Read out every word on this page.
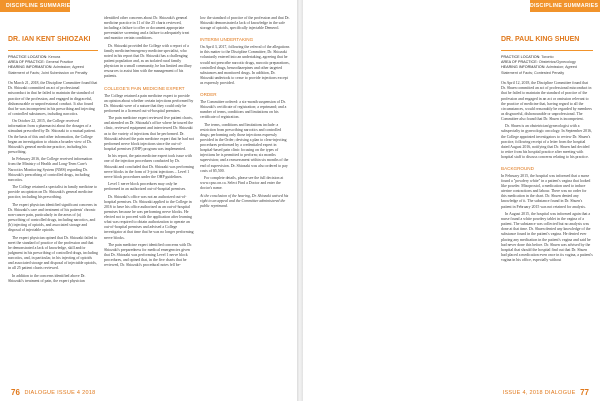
DISCIPLINE SUMMARIES
DR. IAN KENT SHIOZAKI
PRACTICE LOCATION: Kenora
AREA OF PRACTICE: General Practice
HEARING INFORMATION: Admission; Agreed Statement of Facts; Joint Submission on Penalty

On March 21, 2018, the Discipline Committee found that Dr. Shiozaki committed an act of professional misconduct in that he failed to maintain the standard of practice of the profession, and engaged in disgraceful, dishonourable or unprofessional conduct. It also found that he was incompetent in his prescribing and injecting of controlled substances, including narcotics.

On October 22, 2015, the College received information from a pharmacist about the dosages of a stimulant prescribed by Dr. Shiozaki to a mutual patient. On the basis of this and other information, the College began an investigation to obtain a broader view of Dr. Shiozaki's general medicine practice, including his prescribing.

In February 2016, the College received information from the Ministry of Health and Long-Term Care's Narcotics Monitoring System (NMS) regarding Dr. Shiozaki's prescribing of controlled drugs, including narcotics.

The College retained a specialist in family medicine to provide an opinion on Dr. Shiozaki's general medicine practice, including his prescribing.

The expert physician identified significant concerns in Dr. Shiozaki's care and treatment of his patients' chronic non-cancer pain, particularly in the areas of (a) prescribing of controlled drugs, including narcotics, and (b) injecting of opioids, and associated storage and disposal of injectable opioids.

The expert physician opined that Dr. Shiozaki failed to meet the standard of practice of the profession and that he demonstrated a lack of knowledge, skill and/or judgment in his prescribing of controlled drugs, including narcotics, and, in particular, in his injecting of opioids and associated storage and disposal of injectable opioids, in all 25 patient charts reviewed.

In addition to the concerns identified above Dr. Shiozaki's treatment of pain, the expert physician

identified other concerns about Dr. Shiozaki's general medicine practice in 11 of the 25 charts reviewed, including a failure to offer or document appropriate preventative screening and a failure to adequately treat and monitor certain conditions.

Dr. Shiozaki provided the College with a report of a family medicine/emergency medicine specialist, who noted in his report that Dr. Shiozaki has a challenging patient population and, as an isolated rural family physician in a small community, he has limited ancillary resources to assist him with the management of his patients.

COLLEGE'S PAIN MEDICINE EXPERT

The College retained a pain medicine expert to provide an opinion about whether certain injections performed by Dr. Shiozaki were of a nature that they could only be performed in a licensed out-of-hospital premises.

The pain medicine expert reviewed five patient charts, and attended on Dr. Shiozaki's office where he toured the clinic, reviewed equipment and interviewed Dr. Shiozaki as to the variety of injections that he performed. Dr. Shiozaki advised the pain medicine expert that he had not performed nerve block injections since the out-of-hospital premises (OHP) program was implemented.

In his report, the pain medicine expert took issue with one of the injection procedures conducted by Dr. Shiozaki and concluded that Dr. Shiozaki was performing nerve blocks in the form of 3-joint injections – Level 1 nerve block procedures under the OHP guidelines.

Level 1 nerve block procedures may only be performed in an authorized out-of-hospital premises.

Dr. Shiozaki's office was not an authorized out-of-hospital premises. Dr. Shiozaki applied to the College in 2016 to have his office authorized as an out-of-hospital premises because he was performing nerve blocks. He elected not to proceed with the application after learning what was required to obtain authorization to operate an out-of-hospital premises and advised a College investigator at that time that he was no longer performing nerve blocks.

The pain medicine expert identified concerns with Dr. Shiozaki's preparedness for medical emergencies given that Dr. Shiozaki was performing Level 1 nerve block procedures, and opined that, in the five charts that he reviewed, Dr. Shiozaki's procedural notes fell be-

low the standard of practice of the profession and that Dr. Shiozaki demonstrated a lack of knowledge in the safe storage of opioids, specifically injectable Demerol.

INTERIM UNDERTAKING

On April 3, 2017, following the referral of the allegations in this matter to the Discipline Committee, Dr. Shiozaki voluntarily entered into an undertaking, agreeing that he would not prescribe narcotic drugs, narcotic preparations, controlled drugs, benzodiazepines and other targeted substances and monitored drugs. In addition, Dr. Shiozaki undertook to cease to provide injections except as expressly provided.

ORDER

The Committee ordered: a six-month suspension of Dr. Shiozaki's certificate of registration; a reprimand; and a number of terms, conditions and limitations on his certificate of registration.

The terms, conditions and limitations include: a restriction from prescribing narcotics and controlled drugs; performing only those injections expressly provided in the Order; devising a plan to clear-injecting procedures performed by a credentialed expert in hospital-based pain clinic focusing on the types of injections he is permitted to perform; six months supervision; and a reassessment within six months of the end of supervision. Dr. Shiozaki was also ordered to pay costs of $5,500.

For complete details, please see the full decision at www.cpso.on.ca. Select Find a Doctor and enter the doctor's name.

At the conclusion of the hearing, Dr. Shiozaki waived his right to an appeal and the Committee administered the public reprimand.

76 DIALOGUE ISSUE 4 2018
DISCIPLINE SUMMARIES
DR. PAUL KING SHUEN
PRACTICE LOCATION: Toronto
AREA OF PRACTICE: Obstetrics/Gynecology
HEARING INFORMATION: Admission; Agreed Statement of Facts; Contested Penalty

On April 12, 2018, the Discipline Committee found that Dr. Shuen committed an act of professional misconduct in that he failed to maintain the standard of practice of the profession and engaged in an act or omission relevant to the practice of medicine that, having regard to all the circumstances, would reasonably be regarded by members as disgraceful, dishonourable or unprofessional. The Committee also found that Dr. Shuen is incompetent.

Dr. Shuen is an obstetrician/gynecologist with a subspecialty in gynecologic oncology. In September 2016, the College appointed investigators to review Dr. Shuen's practice, following receipt of a letter from the hospital dated August 2016, notifying that Dr. Shuen had decided to retire from his hospital practice after meeting with hospital staff to discuss concerns relating to his practice.

BACKGROUND

In February 2015, the hospital was informed that a nurse found a "powdery white" in a patient's vagina that looked like powder. Misoprostol, a medication used to induce uterine contractions and labour. There was no order for this medication in the chart. Dr. Shuen denied any knowledge of it. The substance found in Dr. Shuen's patient in February 2015 was not retained for analysis.

In August 2015, the hospital was informed again that a nurse found a white powdery tablet in the vagina of a patient. The substance was collected but no analysis was done at that time. Dr. Shuen denied any knowledge of the substance found in the patient's vagina. He denied ever placing any medication in the patient's vagina and said he had never done this before. Dr. Shuen was advised by the hospital that should the hospital find out that Dr. Shuen had placed a medication even once in its vagina, a patient's vagina in his office, especially without

ISSUE 4, 2018 DIALOGUE 77
